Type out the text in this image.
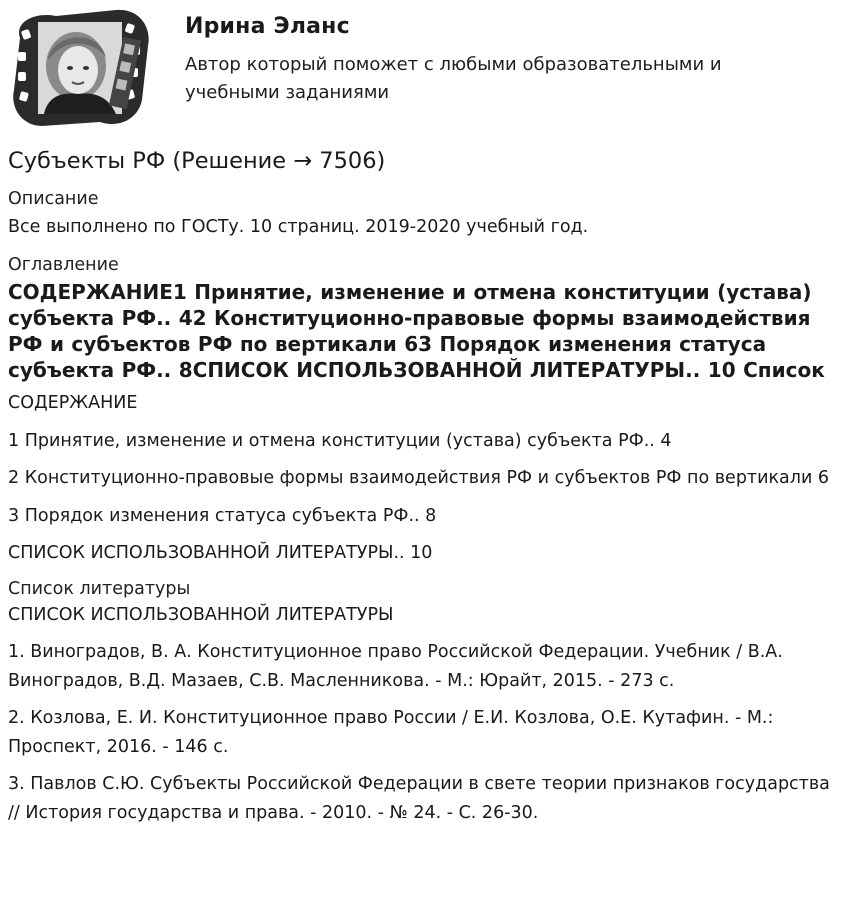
Ирина Эланс

Автор который поможет с любыми образовательными и учебными заданиями

Субъекты РФ (Решение → 7506)

Описание

Все выполнено по ГОСТу. 10 страниц. 2019-2020 учебный год.

Оглавление

СОДЕРЖАНИЕ1 Принятие, изменение и отмена конституции (устава) субъекта РФ.. 42 Конституционно-правовые формы взаимодействия РФ и субъектов РФ по вертикали 63 Порядок изменения статуса субъекта РФ.. 8СПИСОК ИСПОЛЬЗОВАННОЙ ЛИТЕРАТУРЫ.. 10 Список

СОДЕРЖАНИЕ

1 Принятие, изменение и отмена конституции (устава) субъекта РФ.. 4

2 Конституционно-правовые формы взаимодействия РФ и субъектов РФ по вертикали 6

3 Порядок изменения статуса субъекта РФ.. 8

СПИСОК ИСПОЛЬЗОВАННОЙ ЛИТЕРАТУРЫ.. 10

Список литературы

СПИСОК ИСПОЛЬЗОВАННОЙ ЛИТЕРАТУРЫ

1. Виноградов, В. А. Конституционное право Российской Федерации. Учебник / В.А. Виноградов, В.Д. Мазаев, С.В. Масленникова. - М.: Юрайт, 2015. - 273 с.

2. Козлова, Е. И. Конституционное право России / Е.И. Козлова, О.Е. Кутафин. - М.: Проспект, 2016. - 146 с.

3. Павлов С.Ю. Субъекты Российской Федерации в свете теории признаков государства // История государства и права. - 2010. - № 24. - С. 26-30.
